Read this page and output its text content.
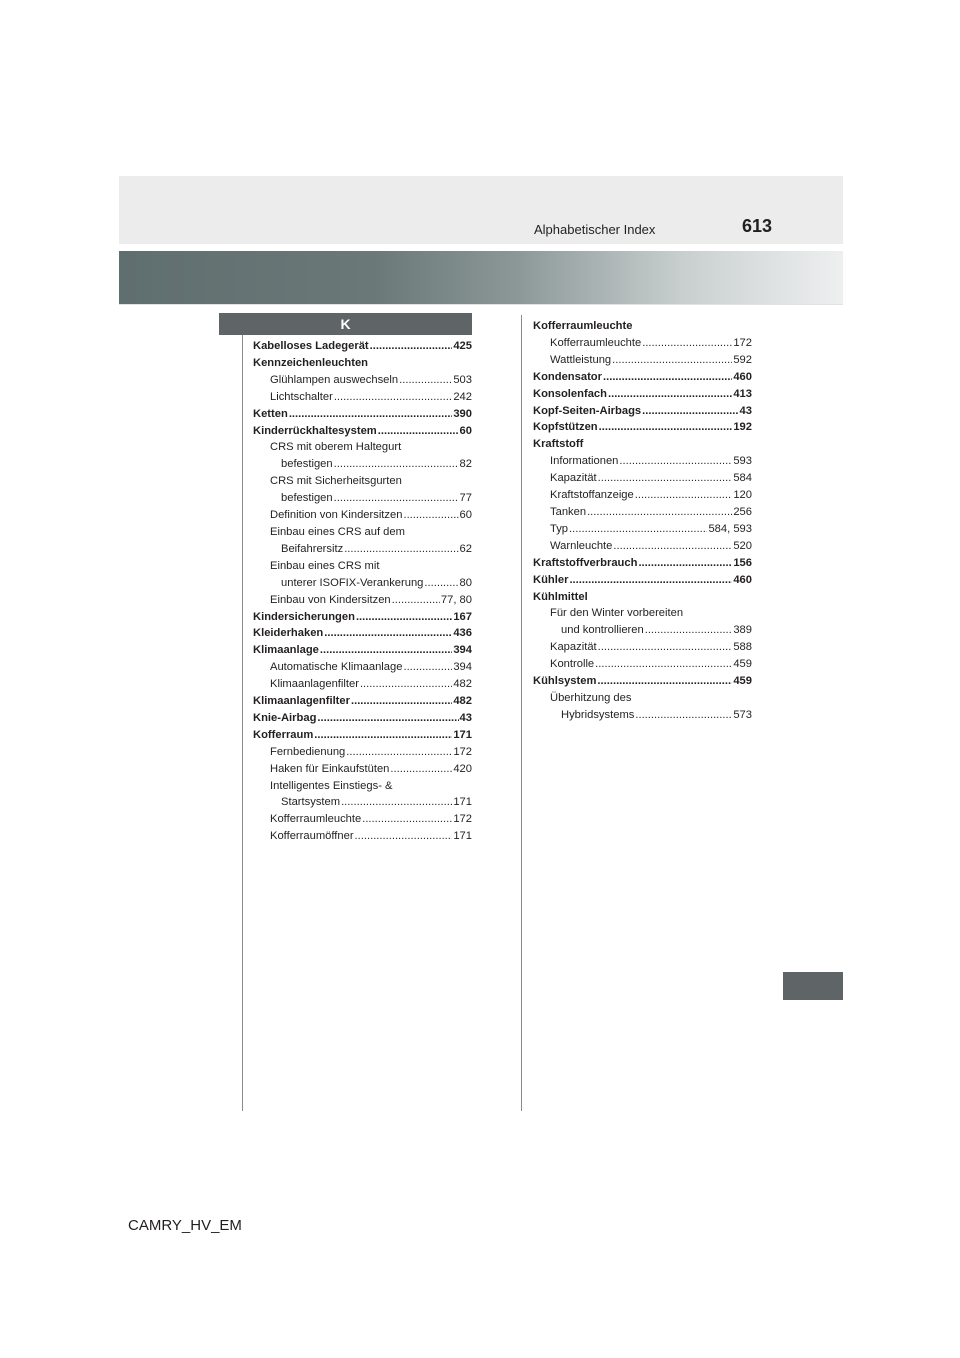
Alphabetischer Index	613
K
Kabelloses Ladegerät .....	425
Kennzeichenleuchten
Glühlampen auswechseln .....	503
Lichtschalter .....	242
Ketten .....	390
Kinderrückhaltesystem .....	60
CRS mit oberem Haltegurt
befestigen .....	82
CRS mit Sicherheitsgurten
befestigen .....	77
Definition von Kindersitzen .....	60
Einbau eines CRS auf dem
Beifahrersitz .....	62
Einbau eines CRS mit
unterer ISOFIX-Verankerung .....	80
Einbau von Kindersitzen .....	77, 80
Kindersicherungen .....	167
Kleiderhaken .....	436
Klimaanlage .....	394
Automatische Klimaanlage .....	394
Klimaanlagenfilter .....	482
Klimaanlagenfilter .....	482
Knie-Airbag .....	43
Kofferraum .....	171
Fernbedienung .....	172
Haken für Einkaufstüten .....	420
Intelligentes Einstiegs- &
Startsystem .....	171
Kofferraumleuchte .....	172
Kofferraumöffner .....	171
Kofferraumleuchte
Kofferraumleuchte .....	172
Wattleistung .....	592
Kondensator .....	460
Konsolenfach .....	413
Kopf-Seiten-Airbags .....	43
Kopfstützen .....	192
Kraftstoff
Informationen .....	593
Kapazität .....	584
Kraftstoffanzeige .....	120
Tanken .....	256
Typ .....	584, 593
Warnleuchte .....	520
Kraftstoffverbrauch .....	156
Kühler .....	460
Kühlmittel
Für den Winter vorbereiten
und kontrollieren .....	389
Kapazität .....	588
Kontrolle .....	459
Kühlsystem .....	459
Überhitzung des
Hybridsystems .....	573
CAMRY_HV_EM
